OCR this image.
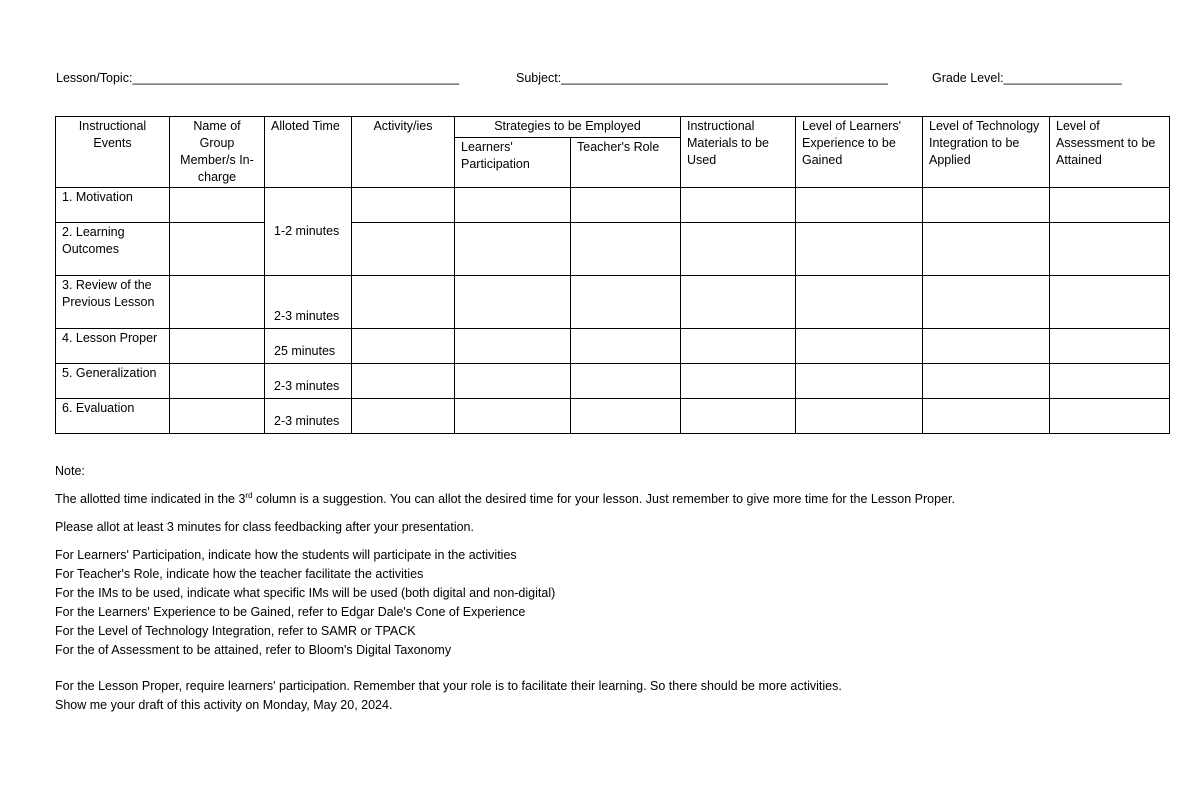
Lesson/Topic:_______________________________________________	Subject:_______________________________________________	Grade Level:_________________
Instructional Events	Name of Group Member/s In-charge	Alloted Time	Activity/ies	Strategies to be Employed		Instructional Materials to be Used	Level of Learners' Experience to be Gained	Level of Technology Integration to be Applied	Level of Assessment to be Attained
				Learners' Participation	Teacher's Role				
1. Motivation		1-2 minutes							
2. Learning Outcomes									
3. Review of the Previous Lesson		2-3 minutes							
4. Lesson Proper		25 minutes							
5. Generalization		2-3 minutes							
6. Evaluation		2-3 minutes							

Note:

The allotted time indicated in the 3rd column is a suggestion. You can allot the desired time for your lesson. Just remember to give more time for the Lesson Proper.

Please allot at least 3 minutes for class feedbacking after your presentation.

For Learners' Participation, indicate how the students will participate in the activities

For Teacher's Role, indicate how the teacher facilitate the activities

For the IMs to be used, indicate what specific IMs will be used (both digital and non-digital)

For the Learners' Experience to be Gained, refer to Edgar Dale's Cone of Experience

For the Level of Technology Integration, refer to SAMR or TPACK

For the of Assessment to be attained, refer to Bloom's Digital Taxonomy

For the Lesson Proper, require learners' participation. Remember that your role is to facilitate their learning. So there should be more activities.

Show me your draft of this activity on Monday, May 20, 2024.
